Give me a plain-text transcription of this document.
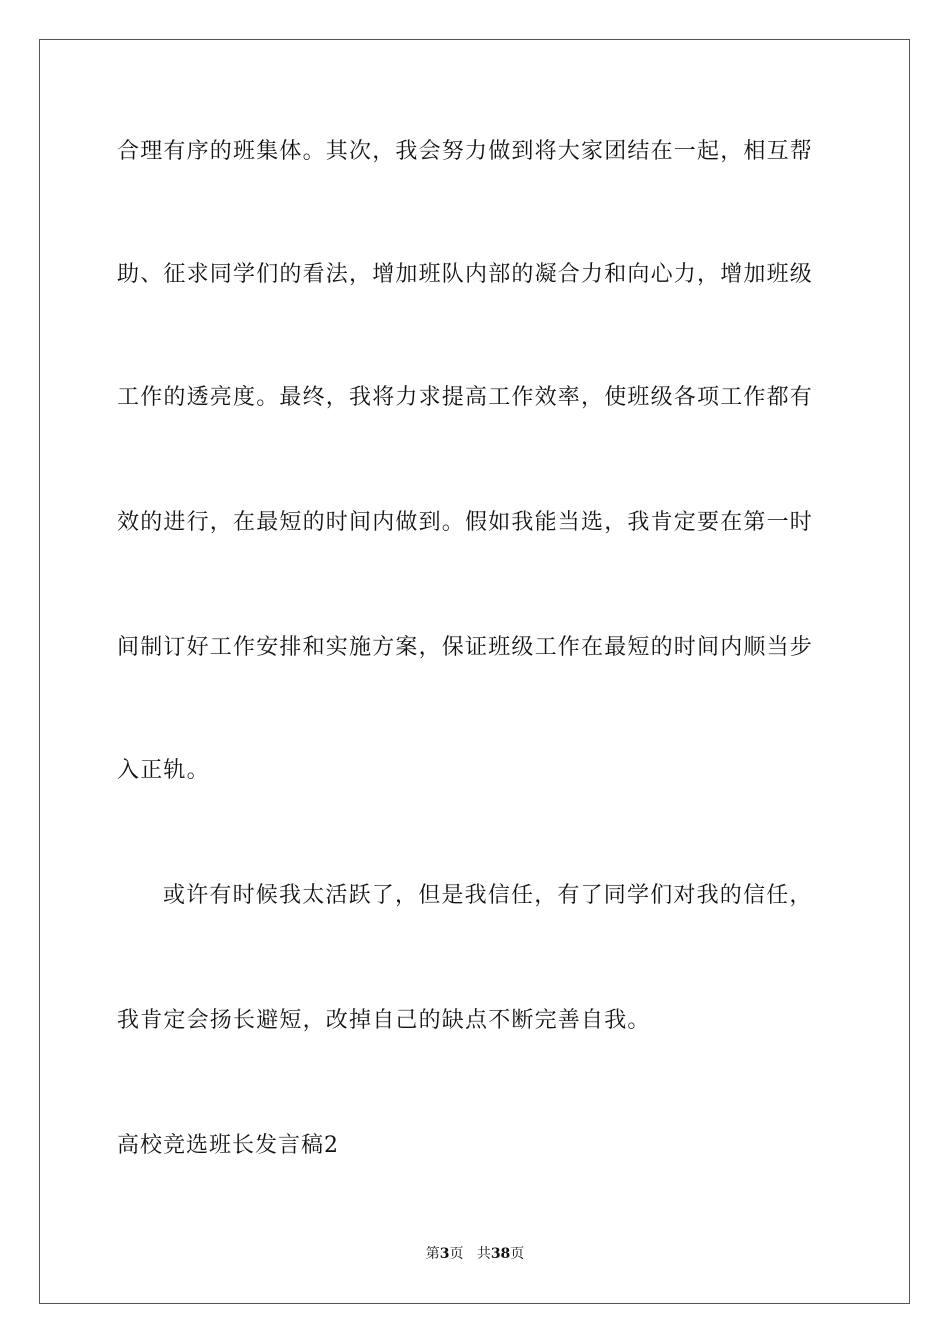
合理有序的班集体。其次，我会努力做到将大家团结在一起，相互帮
助、征求同学们的看法，增加班队内部的凝合力和向心力，增加班级
工作的透亮度。最终，我将力求提高工作效率，使班级各项工作都有
效的进行，在最短的时间内做到。假如我能当选，我肯定要在第一时
间制订好工作安排和实施方案，保证班级工作在最短的时间内顺当步
入正轨。
或许有时候我太活跃了，但是我信任，有了同学们对我的信任，
我肯定会扬长避短，改掉自己的缺点不断完善自我。
高校竞选班长发言稿2
第3页 共38页
